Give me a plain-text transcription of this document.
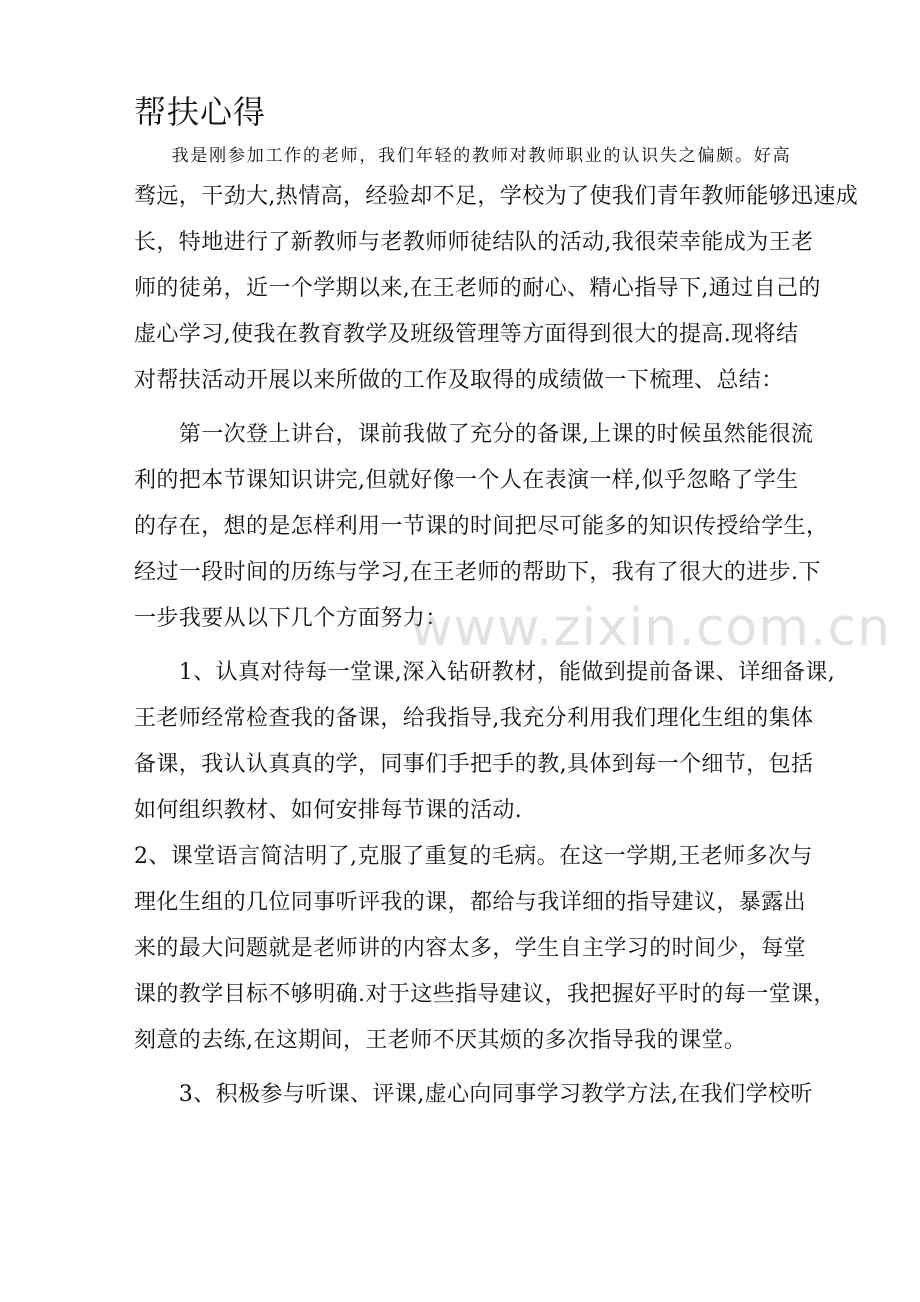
帮扶心得
　　我是刚参加工作的老师，我们年轻的教师对教师职业的认识失之偏颇。好高
骛远，干劲大,热情高，经验却不足，学校为了使我们青年教师能够迅速成
长，特地进行了新教师与老教师师徒结队的活动,我很荣幸能成为王老
师的徒弟，近一个学期以来,在王老师的耐心、精心指导下,通过自己的
虚心学习,使我在教育教学及班级管理等方面得到很大的提高.现将结
对帮扶活动开展以来所做的工作及取得的成绩做一下梳理、总结：
　　第一次登上讲台，课前我做了充分的备课,上课的时候虽然能很流
利的把本节课知识讲完,但就好像一个人在表演一样,似乎忽略了学生
的存在，想的是怎样利用一节课的时间把尽可能多的知识传授给学生，
经过一段时间的历练与学习,在王老师的帮助下，我有了很大的进步.下
一步我要从以下几个方面努力：
　　1、认真对待每一堂课,深入钻研教材，能做到提前备课、详细备课,
王老师经常检查我的备课，给我指导,我充分利用我们理化生组的集体
备课，我认认真真的学，同事们手把手的教,具体到每一个细节，包括
如何组织教材、如何安排每节课的活动.
2、课堂语言简洁明了,克服了重复的毛病。在这一学期,王老师多次与
理化生组的几位同事听评我的课，都给与我详细的指导建议，暴露出
来的最大问题就是老师讲的内容太多，学生自主学习的时间少，每堂
课的教学目标不够明确.对于这些指导建议，我把握好平时的每一堂课，
刻意的去练,在这期间，王老师不厌其烦的多次指导我的课堂。
　　3、积极参与听课、评课,虚心向同事学习教学方法,在我们学校听
www.zixin.com.cn
